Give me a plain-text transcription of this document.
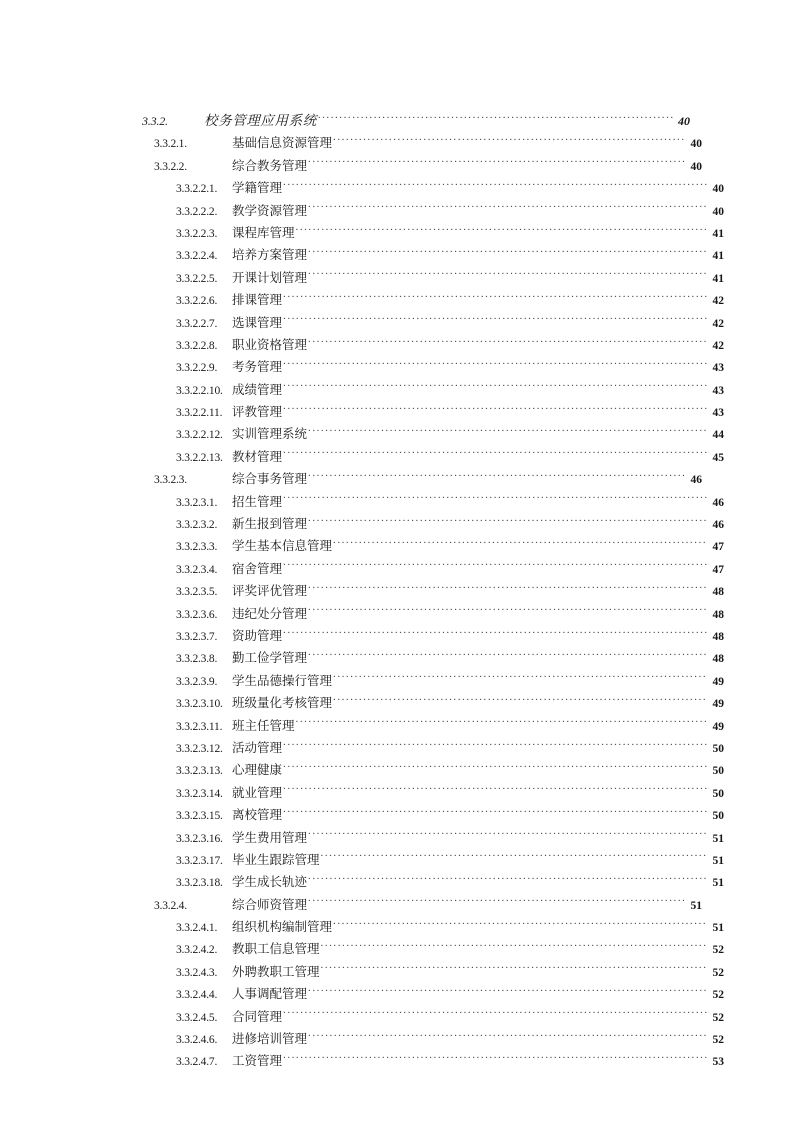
3.3.2.	校务管理应用系统 .....	40
3.3.2.1.	基础信息资源管理 .....	40
3.3.2.2.	综合教务管理 .....	40
3.3.2.2.1.	学籍管理 .....	40
3.3.2.2.2.	教学资源管理 .....	40
3.3.2.2.3.	课程库管理 .....	41
3.3.2.2.4.	培养方案管理 .....	41
3.3.2.2.5.	开课计划管理 .....	41
3.3.2.2.6.	排课管理 .....	42
3.3.2.2.7.	选课管理 .....	42
3.3.2.2.8.	职业资格管理 .....	42
3.3.2.2.9.	考务管理 .....	43
3.3.2.2.10. 成绩管理 .....	43
3.3.2.2.11. 评教管理 .....	43
3.3.2.2.12. 实训管理系统 .....	44
3.3.2.2.13. 教材管理 .....	45
3.3.2.3.	综合事务管理 .....	46
3.3.2.3.1.	招生管理 .....	46
3.3.2.3.2.	新生报到管理 .....	46
3.3.2.3.3.	学生基本信息管理 .....	47
3.3.2.3.4.	宿舍管理 .....	47
3.3.2.3.5.	评奖评优管理 .....	48
3.3.2.3.6.	违纪处分管理 .....	48
3.3.2.3.7.	资助管理 .....	48
3.3.2.3.8.	勤工俭学管理 .....	48
3.3.2.3.9.	学生品德操行管理 .....	49
3.3.2.3.10. 班级量化考核管理 .....	49
3.3.2.3.11. 班主任管理 .....	49
3.3.2.3.12. 活动管理 .....	50
3.3.2.3.13. 心理健康 .....	50
3.3.2.3.14. 就业管理 .....	50
3.3.2.3.15. 离校管理 .....	50
3.3.2.3.16. 学生费用管理 .....	51
3.3.2.3.17. 毕业生跟踪管理 .....	51
3.3.2.3.18. 学生成长轨迹 .....	51
3.3.2.4.	综合师资管理 .....	51
3.3.2.4.1.	组织机构编制管理 .....	51
3.3.2.4.2.	教职工信息管理 .....	52
3.3.2.4.3.	外聘教职工管理 .....	52
3.3.2.4.4.	人事调配管理 .....	52
3.3.2.4.5.	合同管理 .....	52
3.3.2.4.6.	进修培训管理 .....	52
3.3.2.4.7.	工资管理 .....	53
